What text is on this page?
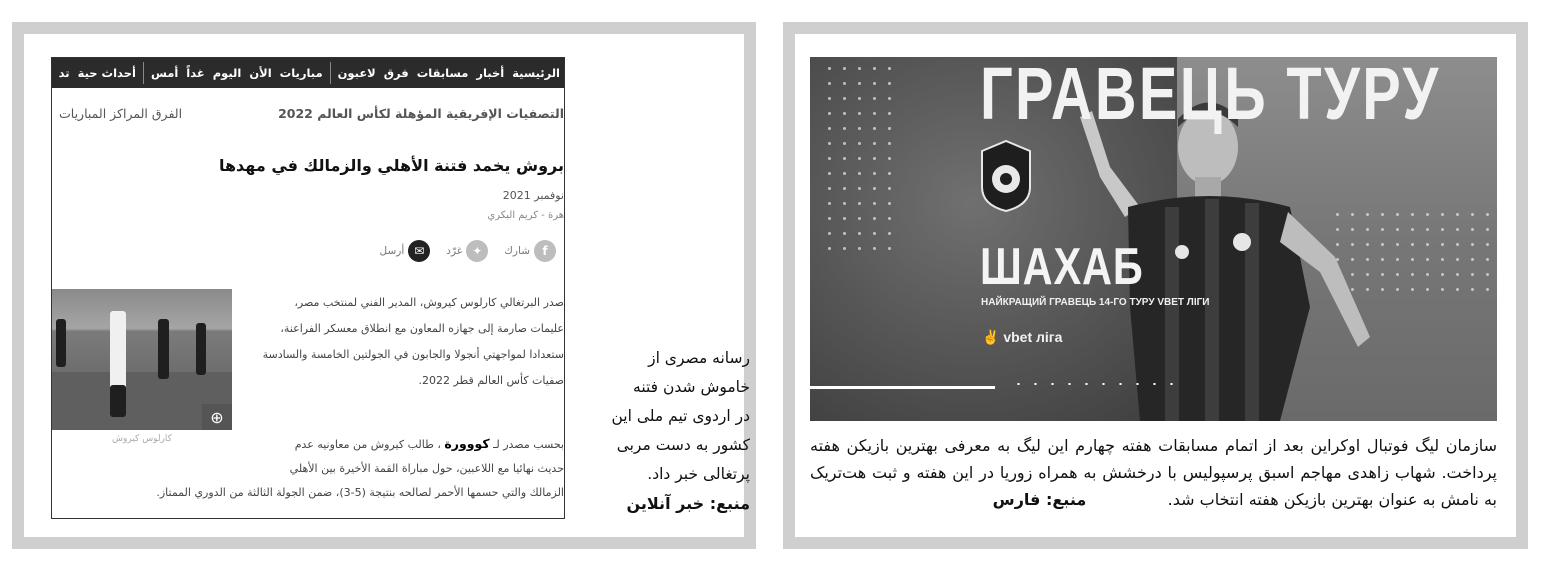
الرئيسية
أخبار
مسابقات
فرق
لاعبون
مباريات
الأن
اليوم
غداً
أمس
أحداث حية
تد
التصفيات الإفريقية المؤهلة لكأس العالم 2022
الفرق المراكز المباريات
بروش يخمد فتنة الأهلي والزمالك في مهدها
نوفمبر 2021
هرة - كريم البكري
f
شارك
✦
غرّد
✉
أرسل
صدر البرتغالي كارلوس كيروش، المدير الفني لمنتخب مصر،
عليمات صارمة إلى جهازه المعاون مع انطلاق معسكر الفراعنة،
ستعدادا لمواجهتي أنجولا والجابون في الجولتين الخامسة والسادسة
صفيات كأس العالم قطر 2022.
بحسب مصدر لـ كووورة ، طالب كيروش من معاونيه عدم
حديث نهائيا مع اللاعبين، حول مباراة القمة الأخيرة بين الأهلي
الزمالك والتي حسمها الأحمر لصالحه بنتيجة (5-3)، ضمن الجولة الثالثة من الدوري الممتاز.
⊕
كارلوس كيروش
رسانه مصری از
خاموش شدن فتنه
در اردوی تیم ملی این
کشور به دست مربی
پرتغالی خبر داد.
منبع: خبر آنلاین
ГРАВЕЦЬ ТУРУ
ШАХАБ
НАЙКРАЩИЙ ГРАВЕЦЬ 14-ГО ТУРУ VBET ЛІГИ
✌ vbet ліга
سازمان لیگ فوتبال اوکراین بعد از اتمام مسابقات هفته چهارم این لیگ به معرفی بهترین بازیکن هفته پرداخت. شهاب زاهدی مهاجم اسبق پرسپولیس با درخشش به همراه زوریا در این هفته و ثبت هت‌تریک به نامش به عنوان بهترین بازیکن هفته انتخاب شد.                منبع: فارس
